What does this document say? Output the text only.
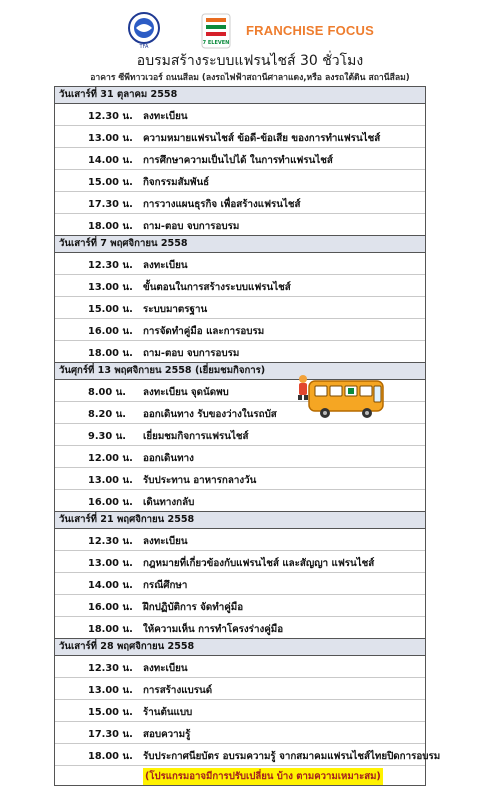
TFA
7 ELEVEN
FRANCHISE FOCUS
อบรมสร้างระบบแฟรนไชส์ 30 ชั่วโมง
อาคาร ซีพีทาวเวอร์ ถนนสีลม (ลงรถไฟฟ้าสถานีศาลาแดง,หรือ ลงรถใต้ดิน สถานีสีลม)
วันเสาร์ที่ 31 ตุลาคม 2558
12.30 น. ลงทะเบียน
13.00 น. ความหมายแฟรนไชส์ ข้อดี-ข้อเสีย ของการทำแฟรนไชส์
14.00 น. การศึกษาความเป็นไปได้ ในการทำแฟรนไชส์
15.00 น. กิจกรรมสัมพันธ์
17.30 น. การวางแผนธุรกิจ เพื่อสร้างแฟรนไชส์
18.00 น. ถาม-ตอบ จบการอบรม
วันเสาร์ที่ 7 พฤศจิกายน 2558
12.30 น. ลงทะเบียน
13.00 น. ขั้นตอนในการสร้างระบบแฟรนไชส์
15.00 น. ระบบมาตรฐาน
16.00 น. การจัดทำคู่มือ และการอบรม
18.00 น. ถาม-ตอบ จบการอบรม
วันศุกร์ที่ 13 พฤศจิกายน 2558 (เยี่ยมชมกิจการ)
8.00 น. ลงทะเบียน จุดนัดพบ
8.20 น. ออกเดินทาง รับของว่างในรถบัส
9.30 น. เยี่ยมชมกิจการแฟรนไชส์
12.00 น. ออกเดินทาง
13.00 น. รับประทาน อาหารกลางวัน
16.00 น. เดินทางกลับ
วันเสาร์ที่ 21 พฤศจิกายน 2558
12.30 น. ลงทะเบียน
13.00 น. กฎหมายที่เกี่ยวข้องกับแฟรนไชส์ และสัญญา แฟรนไชส์
14.00 น. กรณีศึกษา
16.00 น. ฝึกปฏิบัติการ จัดทำคู่มือ
18.00 น. ให้ความเห็น การทำโครงร่างคู่มือ
วันเสาร์ที่ 28 พฤศจิกายน 2558
12.30 น. ลงทะเบียน
13.00 น. การสร้างแบรนด์
15.00 น. ร้านต้นแบบ
17.30 น. สอบความรู้
18.00 น. รับประกาศนียบัตร อบรมความรู้ จากสมาคมแฟรนไชส์ไทยปิดการอบรม
(โปรแกรมอาจมีการปรับเปลี่ยน บ้าง ตามความเหมาะสม)
